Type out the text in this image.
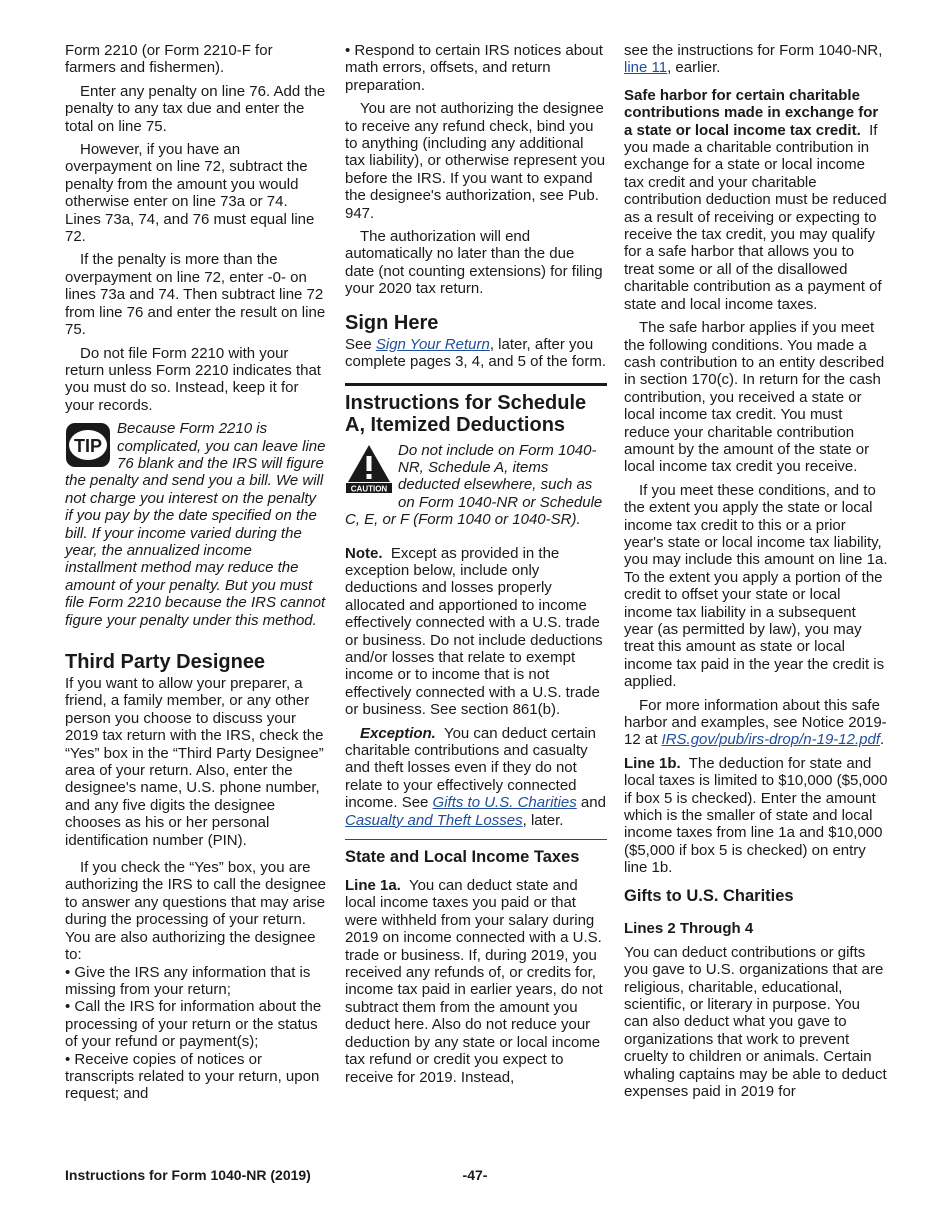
Form 2210 (or Form 2210-F for farmers and fishermen).

Enter any penalty on line 76. Add the penalty to any tax due and enter the total on line 75.

However, if you have an overpayment on line 72, subtract the penalty from the amount you would otherwise enter on line 73a or 74. Lines 73a, 74, and 76 must equal line 72.

If the penalty is more than the overpayment on line 72, enter -0- on lines 73a and 74. Then subtract line 72 from line 76 and enter the result on line 75.

Do not file Form 2210 with your return unless Form 2210 indicates that you must do so. Instead, keep it for your records.

TIP

Because Form 2210 is complicated, you can leave line 76 blank and the IRS will figure the penalty and send you a bill. We will not charge you interest on the penalty if you pay by the date specified on the bill. If your income varied during the year, the annualized income installment method may reduce the amount of your penalty. But you must file Form 2210 because the IRS cannot figure your penalty under this method.

Third Party Designee

If you want to allow your preparer, a friend, a family member, or any other person you choose to discuss your 2019 tax return with the IRS, check the “Yes” box in the “Third Party Designee” area of your return. Also, enter the designee's name, U.S. phone number, and any five digits the designee chooses as his or her personal identification number (PIN).

If you check the “Yes” box, you are authorizing the IRS to call the designee to answer any questions that may arise during the processing of your return. You are also authorizing the designee to:

• Give the IRS any information that is missing from your return;

• Call the IRS for information about the processing of your return or the status of your refund or payment(s);

• Receive copies of notices or transcripts related to your return, upon request; and

• Respond to certain IRS notices about math errors, offsets, and return preparation.

You are not authorizing the designee to receive any refund check, bind you to anything (including any additional tax liability), or otherwise represent you before the IRS. If you want to expand the designee's authorization, see Pub. 947.

The authorization will end automatically no later than the due date (not counting extensions) for filing your 2020 tax return.

Sign Here

See Sign Your Return, later, after you complete pages 3, 4, and 5 of the form.

Instructions for Schedule A, Itemized Deductions
CAUTION

Do not include on Form 1040-NR, Schedule A, items deducted elsewhere, such as on Form 1040-NR or Schedule C, E, or F (Form 1040 or 1040-SR).

Note. Except as provided in the exception below, include only deductions and losses properly allocated and apportioned to income effectively connected with a U.S. trade or business. Do not include deductions and/or losses that relate to exempt income or to income that is not effectively connected with a U.S. trade or business. See section 861(b).

Exception. You can deduct certain charitable contributions and casualty and theft losses even if they do not relate to your effectively connected income. See Gifts to U.S. Charities and Casualty and Theft Losses, later.

State and Local Income Taxes

Line 1a. You can deduct state and local income taxes you paid or that were withheld from your salary during 2019 on income connected with a U.S. trade or business. If, during 2019, you received any refunds of, or credits for, income tax paid in earlier years, do not subtract them from the amount you deduct here. Also do not reduce your deduction by any state or local income tax refund or credit you expect to receive for 2019. Instead,

see the instructions for Form 1040-NR, line 11, earlier.

Safe harbor for certain charitable contributions made in exchange for a state or local income tax credit. If you made a charitable contribution in exchange for a state or local income tax credit and your charitable contribution deduction must be reduced as a result of receiving or expecting to receive the tax credit, you may qualify for a safe harbor that allows you to treat some or all of the disallowed charitable contribution as a payment of state and local income taxes.

The safe harbor applies if you meet the following conditions. You made a cash contribution to an entity described in section 170(c). In return for the cash contribution, you received a state or local income tax credit. You must reduce your charitable contribution amount by the amount of the state or local income tax credit you receive.

If you meet these conditions, and to the extent you apply the state or local income tax credit to this or a prior year's state or local income tax liability, you may include this amount on line 1a. To the extent you apply a portion of the credit to offset your state or local income tax liability in a subsequent year (as permitted by law), you may treat this amount as state or local income tax paid in the year the credit is applied.

For more information about this safe harbor and examples, see Notice 2019-12 at IRS.gov/pub/irs-drop/n-19-12.pdf.

Line 1b. The deduction for state and local taxes is limited to $10,000 ($5,000 if box 5 is checked). Enter the amount which is the smaller of state and local income taxes from line 1a and $10,000 ($5,000 if box 5 is checked) on entry line 1b.

Gifts to U.S. Charities
Lines 2 Through 4

You can deduct contributions or gifts you gave to U.S. organizations that are religious, charitable, educational, scientific, or literary in purpose. You can also deduct what you gave to organizations that work to prevent cruelty to children or animals. Certain whaling captains may be able to deduct expenses paid in 2019 for

Instructions for Form 1040-NR (2019)	-47-
